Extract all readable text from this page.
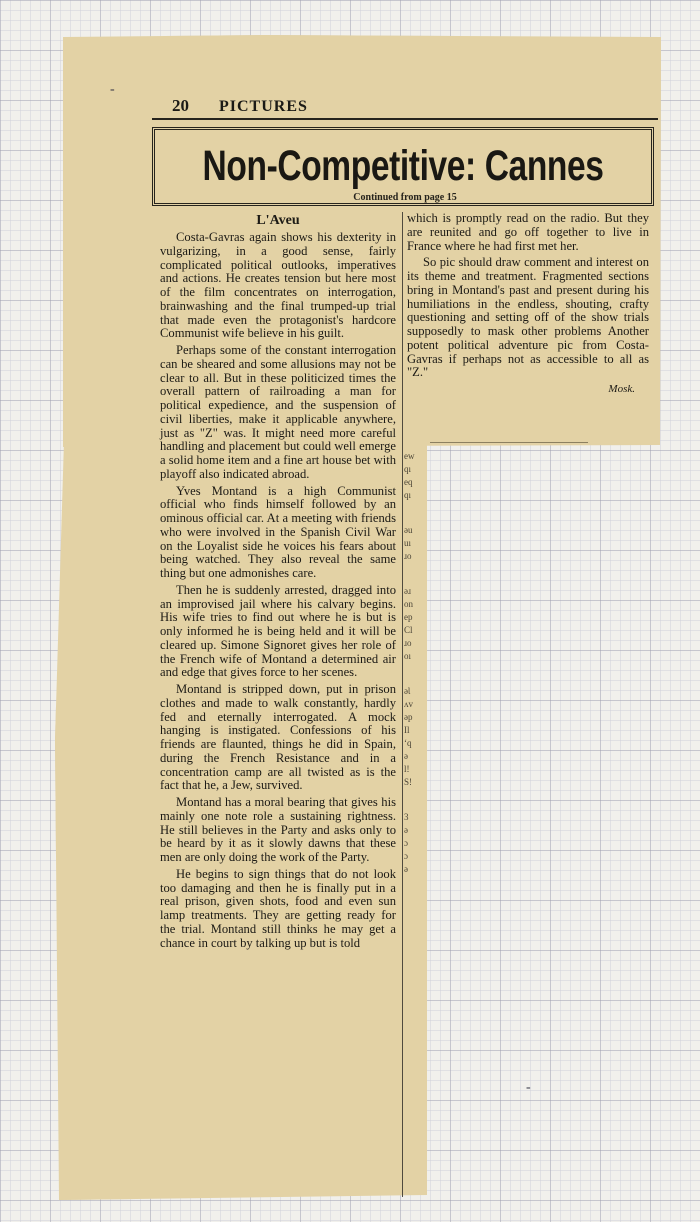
20 PICTURES
Non-Competitive: Cannes
Continued from page 15
L'Aveu

Costa-Gavras again shows his dexterity in vulgarizing, in a good sense, fairly complicated political outlooks, imperatives and actions. He creates tension but here most of the film concentrates on interrogation, brainwashing and the final trumped-up trial that made even the protagonist's hardcore Communist wife believe in his guilt.

Perhaps some of the constant interrogation can be sheared and some allusions may not be clear to all. But in these politicized times the overall pattern of railroading a man for political expedience, and the suspension of civil liberties, make it applicable anywhere, just as "Z" was. It might need more careful handling and placement but could well emerge a solid home item and a fine art house bet with playoff also indicated abroad.

Yves Montand is a high Communist official who finds himself followed by an ominous official car. At a meeting with friends who were involved in the Spanish Civil War on the Loyalist side he voices his fears about being watched. They also reveal the same thing but one admonishes care.

Then he is suddenly arrested, dragged into an improvised jail where his calvary begins. His wife tries to find out where he is but is only informed he is being held and it will be cleared up. Simone Signoret gives her role of the French wife of Montand a determined air and edge that gives force to her scenes.

Montand is stripped down, put in prison clothes and made to walk constantly, hardly fed and eternally interrogated. A mock hanging is instigated. Confessions of his friends are flaunted, things he did in Spain, during the French Resistance and in a concentration camp are all twisted as is the fact that he, a Jew, survived.

Montand has a moral bearing that gives his mainly one note role a sustaining rightness. He still believes in the Party and asks only to be heard by it as it slowly dawns that these men are only doing the work of the Party.

He begins to sign things that do not look too damaging and then he is finally put in a real prison, given shots, food and even sun lamp treatments. They are getting ready for the trial. Montand still thinks he may get a chance in court by talking up but is told

which is promptly read on the radio. But they are reunited and go off together to live in France where he had first met her.

So pic should draw comment and interest on its theme and treatment. Fragmented sections bring in Montand's past and present during his humiliations in the endless, shouting, crafty questioning and setting off of the show trials supposedly to mask other problems Another potent political adventure pic from Costa-Gavras if perhaps not as accessible to all as "Z."

Mosk.
ew
qı
eq
qı
əu
uı
ɹo
əɹ
on
ep
Cl
ɹo
oı
əƖ
ʌv
əp
Il
ʻq
ə
l!
S!
3
ə
ɔ
ɔ
ə
-
-
